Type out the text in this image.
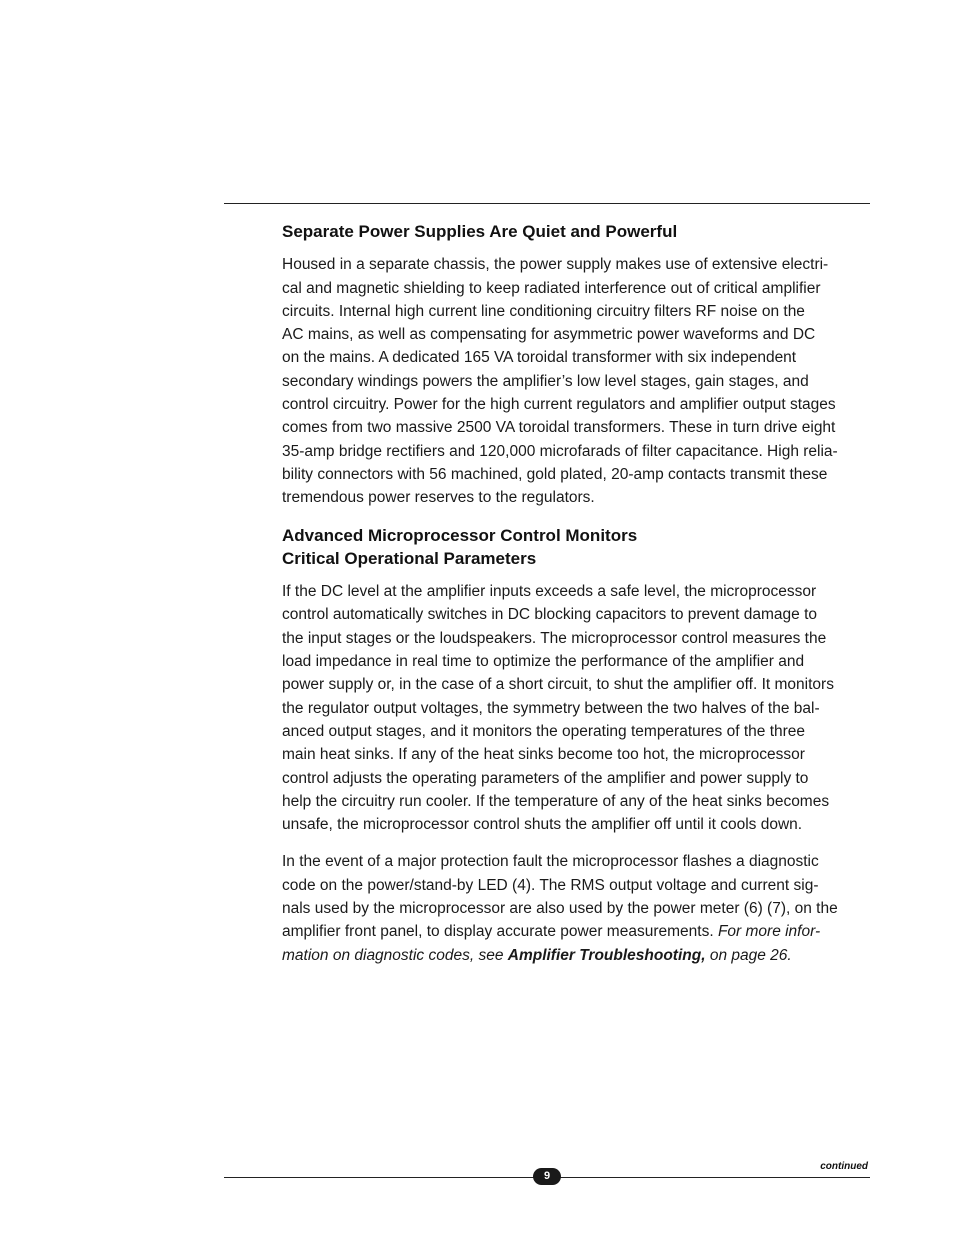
Separate Power Supplies Are Quiet and Powerful

Housed in a separate chassis, the power supply makes use of extensive electri-
cal and magnetic shielding to keep radiated interference out of critical amplifier
circuits. Internal high current line conditioning circuitry filters RF noise on the
AC mains, as well as compensating for asymmetric power waveforms and DC
on the mains. A dedicated 165 VA toroidal transformer with six independent
secondary windings powers the amplifier’s low level stages, gain stages, and
control circuitry. Power for the high current regulators and amplifier output stages
comes from two massive 2500 VA toroidal transformers. These in turn drive eight
35-amp bridge rectifiers and 120,000 microfarads of filter capacitance. High relia-
bility connectors with 56 machined, gold plated, 20-amp contacts transmit these
tremendous power reserves to the regulators.

Advanced Microprocessor Control Monitors
Critical Operational Parameters

If the DC level at the amplifier inputs exceeds a safe level, the microprocessor
control automatically switches in DC blocking capacitors to prevent damage to
the input stages or the loudspeakers. The microprocessor control measures the
load impedance in real time to optimize the performance of the amplifier and
power supply or, in the case of a short circuit, to shut the amplifier off. It monitors
the regulator output voltages, the symmetry between the two halves of the bal-
anced output stages, and it monitors the operating temperatures of the three
main heat sinks. If any of the heat sinks become too hot, the microprocessor
control adjusts the operating parameters of the amplifier and power supply to
help the circuitry run cooler. If the temperature of any of the heat sinks becomes
unsafe, the microprocessor control shuts the amplifier off until it cools down.

In the event of a major protection fault the microprocessor flashes a diagnostic
code on the power/stand-by LED (4). The RMS output voltage and current sig-
nals used by the microprocessor are also used by the power meter (6) (7), on the
amplifier front panel, to display accurate power measurements. For more infor-
mation on diagnostic codes, see Amplifier Troubleshooting, on page 26.

continued
9
